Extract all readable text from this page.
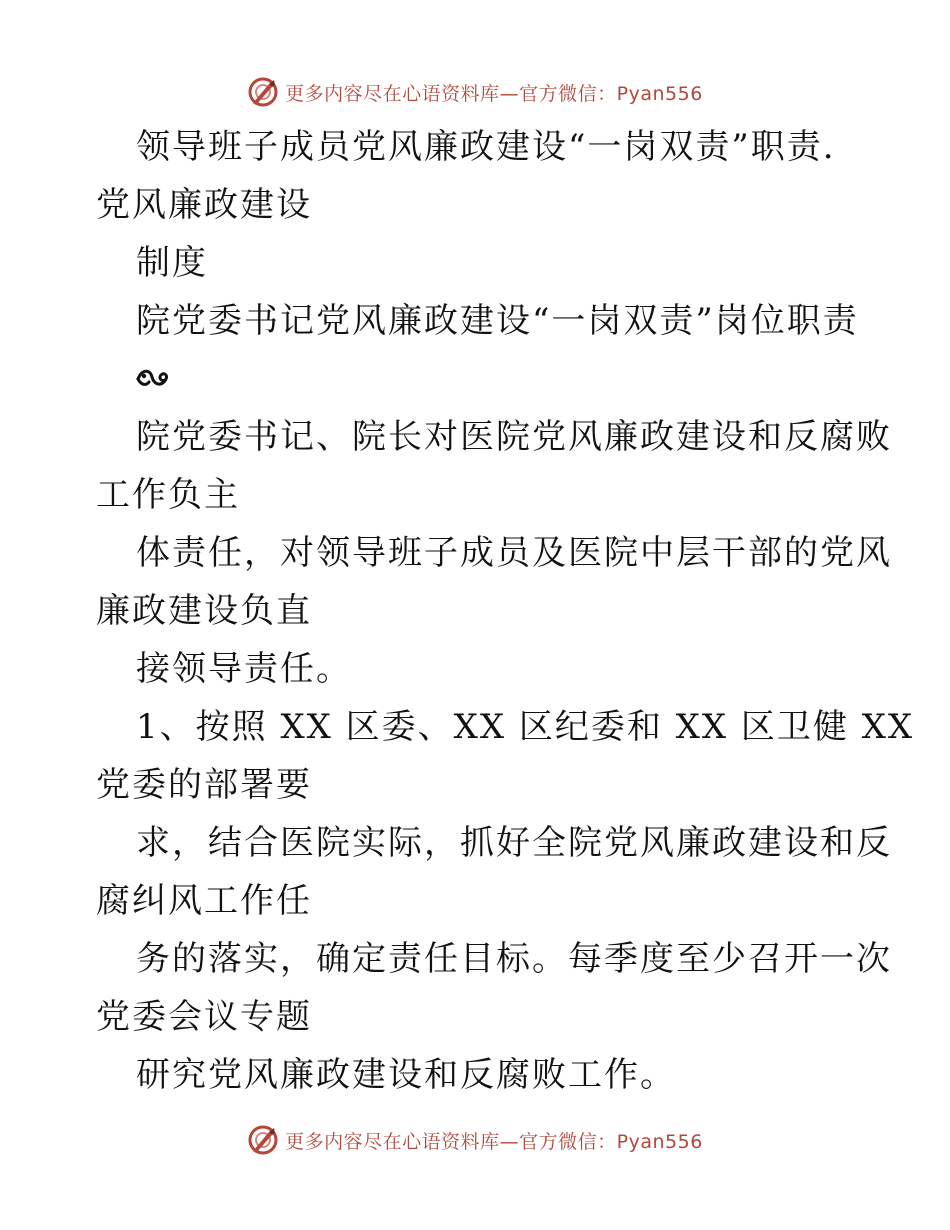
更多内容尽在心语资料库—官方微信：Pyan556
领导班子成员党风廉政建设“一岗双责”职责.
党风廉政建设
制度
院党委书记党风廉政建设“一岗双责”岗位职责
院党委书记、院长对医院党风廉政建设和反腐败
工作负主
体责任，对领导班子成员及医院中层干部的党风
廉政建设负直
接领导责任。
1、按照 XX 区委、XX 区纪委和 XX 区卫健 XX
党委的部署要
求，结合医院实际，抓好全院党风廉政建设和反
腐纠风工作任
务的落实，确定责任目标。每季度至少召开一次
党委会议专题
研究党风廉政建设和反腐败工作。
更多内容尽在心语资料库—官方微信：Pyan556
